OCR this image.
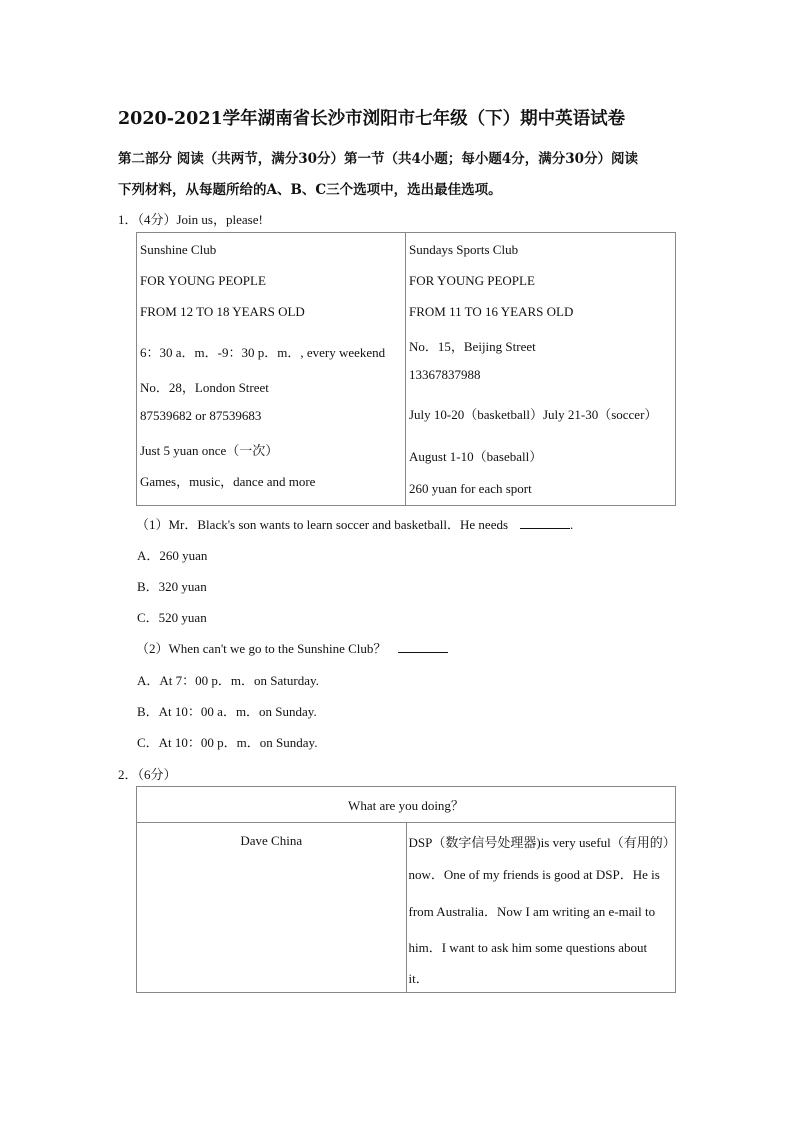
2020-2021学年湖南省长沙市浏阳市七年级（下）期中英语试卷
第二部分 阅读（共两节，满分30分）第一节（共4小题；每小题4分，满分30分）阅读
下列材料，从每题所给的A、B、C三个选项中，选出最佳选项。
1．（4分）Join us，please!
Sunshine Club
FOR YOUNG PEOPLE
FROM 12 TO 18 YEARS OLD
6：30 a．m．-9：30 p．m．, every weekend
No．28，London Street
87539682 or 87539683
Just 5 yuan once（一次）
Games，music，dance and more

Sundays Sports Club
FOR YOUNG PEOPLE
FROM 11 TO 16 YEARS OLD
No．15，Beijing Street
13367837988
July 10-20（basketball）July 21-30（soccer）
August 1-10（baseball）
260 yuan for each sport
（1）Mr．Black's son wants to learn soccer and basketball．He needs	.
A．260 yuan
B．320 yuan
C．520 yuan
（2）When can't we go to the Sunshine Club？
A．At 7：00 p．m．on Saturday.
B．At 10：00 a．m．on Sunday.
C．At 10：00 p．m．on Sunday.
2．（6分）
What are you doing？

Dave China	DSP（数字信号处理器)is very useful（有用的）
now．One of my friends is good at DSP．He is
from Australia．Now I am writing an e-mail to
him．I want to ask him some questions about
it．
